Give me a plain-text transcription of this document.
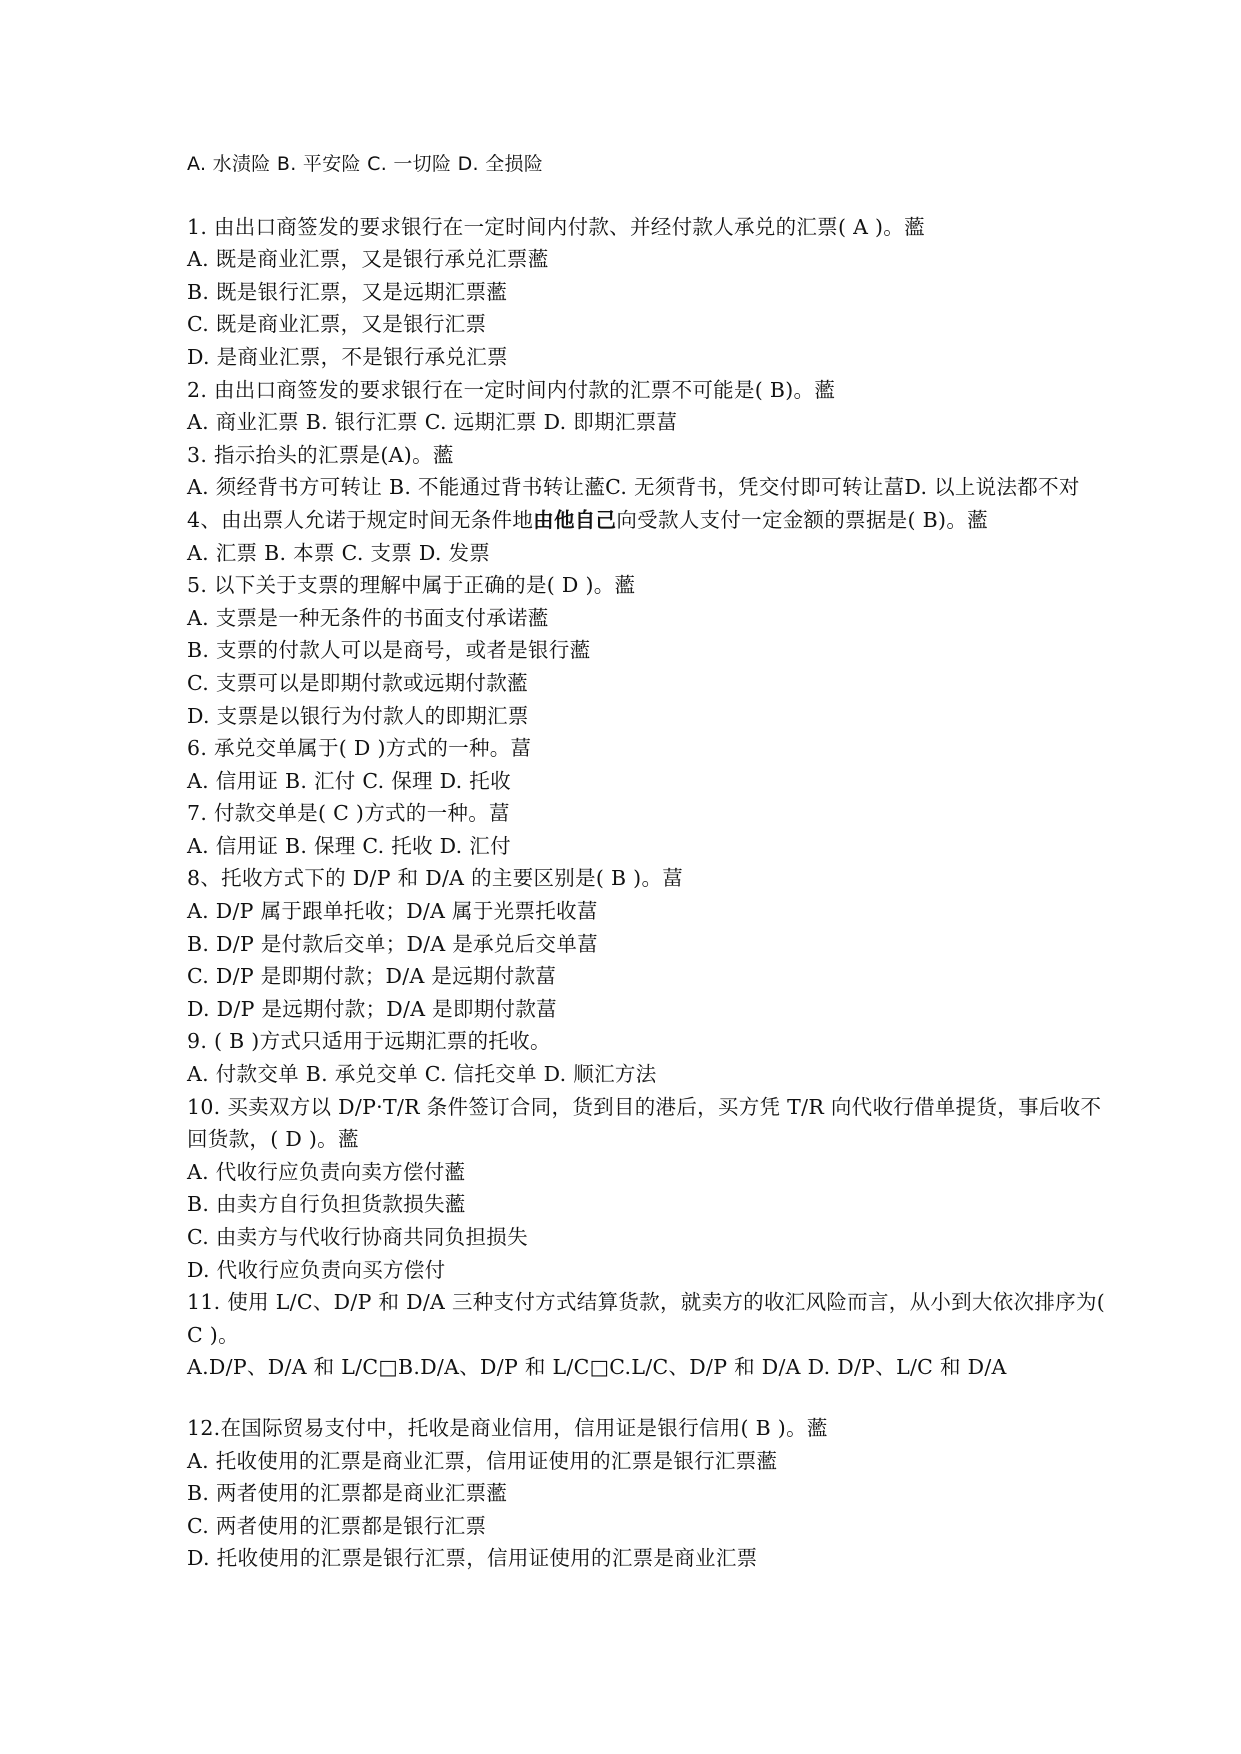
A. 水渍险 B. 平安险 C. 一切险 D. 全损险
1. 由出口商签发的要求银行在一定时间内付款、并经付款人承兑的汇票( A )。蘫
A. 既是商业汇票，又是银行承兑汇票蘫
B. 既是银行汇票，又是远期汇票蘫
C. 既是商业汇票，又是银行汇票
D. 是商业汇票，不是银行承兑汇票
2. 由出口商签发的要求银行在一定时间内付款的汇票不可能是( B)。蘫
A. 商业汇票 B. 银行汇票 C. 远期汇票 D. 即期汇票葍
3. 指示抬头的汇票是(A)。蘫
A. 须经背书方可转让 B. 不能通过背书转让蘫C. 无须背书，凭交付即可转让葍D. 以上说法都不对
4、由出票人允诺于规定时间无条件地由他自己向受款人支付一定金额的票据是( B)。蘫
A. 汇票 B. 本票 C. 支票 D. 发票
5. 以下关于支票的理解中属于正确的是( D )。蘫
A. 支票是一种无条件的书面支付承诺蘫
B. 支票的付款人可以是商号，或者是银行蘫
C. 支票可以是即期付款或远期付款蘫
D. 支票是以银行为付款人的即期汇票
6. 承兑交单属于( D )方式的一种。葍
A. 信用证 B. 汇付 C. 保理 D. 托收
7. 付款交单是( C )方式的一种。葍
A. 信用证 B. 保理 C. 托收 D. 汇付
8、托收方式下的 D/P 和 D/A 的主要区别是( B )。葍
A. D/P 属于跟单托收；D/A 属于光票托收葍
B. D/P 是付款后交单；D/A 是承兑后交单葍
C. D/P 是即期付款；D/A 是远期付款葍
D. D/P 是远期付款；D/A 是即期付款葍
9. ( B )方式只适用于远期汇票的托收。
A. 付款交单 B. 承兑交单 C. 信托交单 D. 顺汇方法
10. 买卖双方以 D/P·T/R 条件签订合同，货到目的港后，买方凭 T/R 向代收行借单提货，事后收不回货款，( D )。蘫
A. 代收行应负责向卖方偿付蘫
B. 由卖方自行负担货款损失蘫
C. 由卖方与代收行协商共同负担损失
D. 代收行应负责向买方偿付
11. 使用 L/C、D/P 和 D/A 三种支付方式结算货款，就卖方的收汇风险而言，从小到大依次排序为( C )。
A.D/P、D/A 和 L/C□B.D/A、D/P 和 L/C□C.L/C、D/P 和 D/A D. D/P、L/C 和 D/A
12.在国际贸易支付中，托收是商业信用，信用证是银行信用( B )。蘫
A. 托收使用的汇票是商业汇票，信用证使用的汇票是银行汇票蘫
B. 两者使用的汇票都是商业汇票蘫
C. 两者使用的汇票都是银行汇票
D. 托收使用的汇票是银行汇票，信用证使用的汇票是商业汇票
